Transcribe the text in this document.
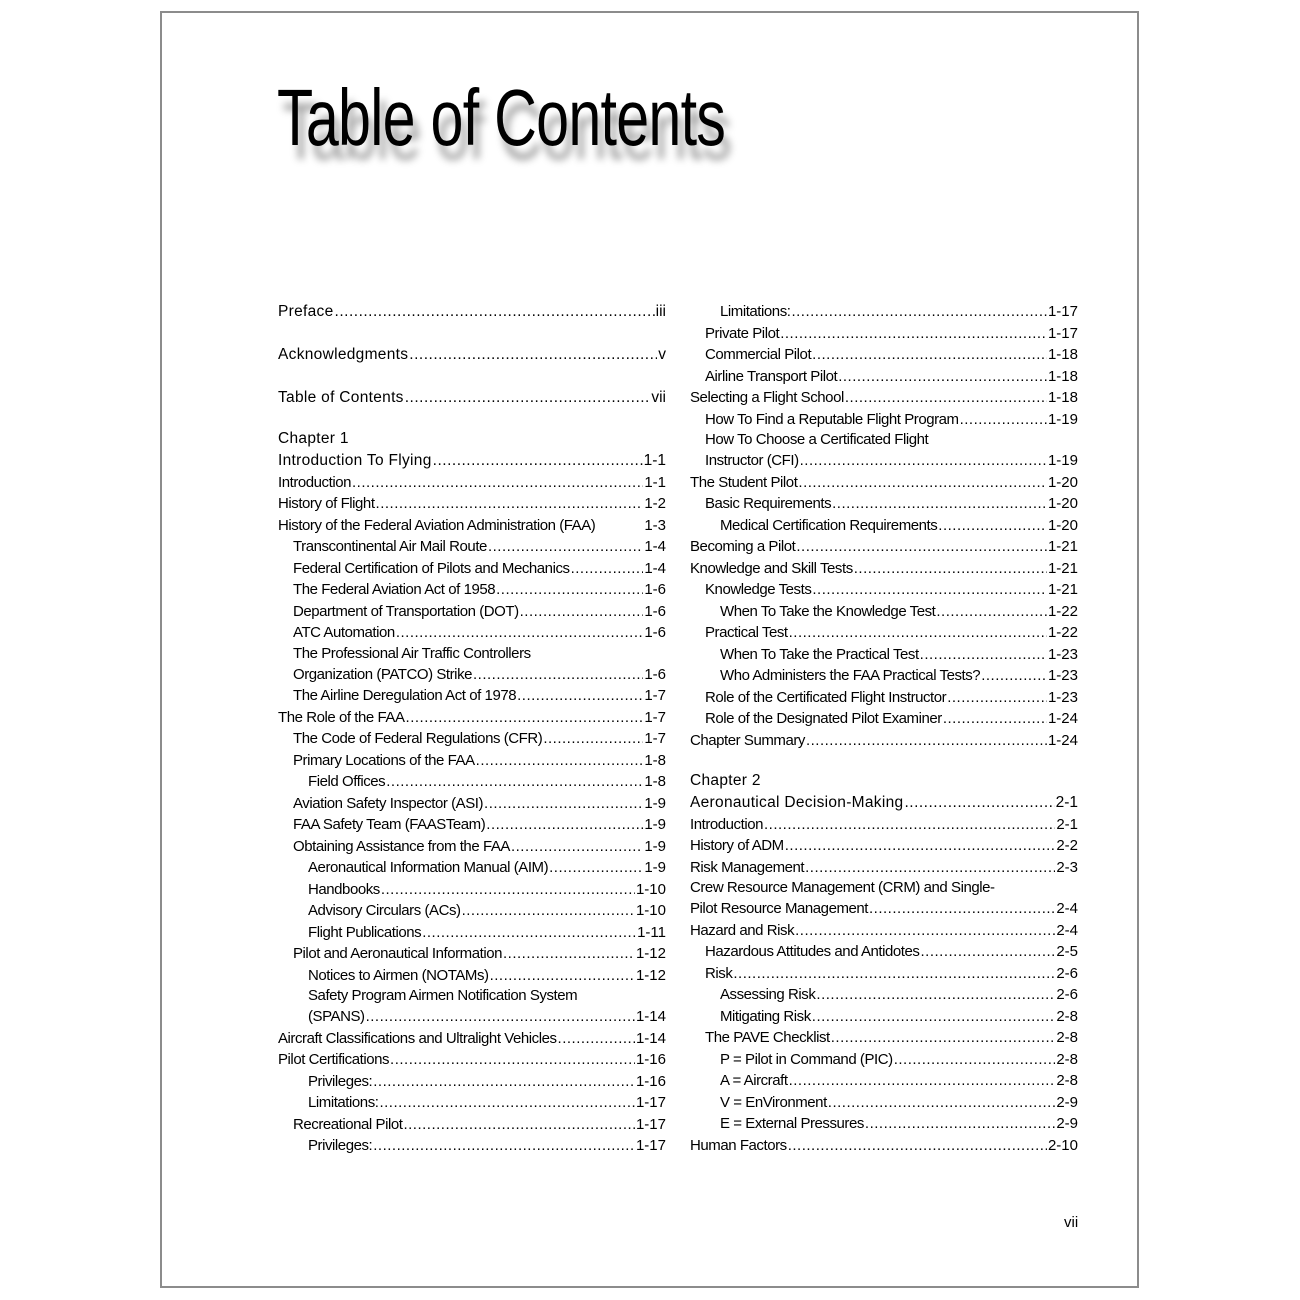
Table of Contents
Preface .....	iii
Acknowledgments .....	v
Table of Contents .....	vii
Chapter 1
Introduction To Flying .....	1-1
Introduction .....	1-1
History of Flight .....	1-2
History of the Federal Aviation Administration (FAA)	1-3
Transcontinental Air Mail Route .....	1-4
Federal Certification of Pilots and Mechanics .....	1-4
The Federal Aviation Act of 1958 .....	1-6
Department of Transportation (DOT) .....	1-6
ATC Automation .....	1-6
The Professional Air Traffic Controllers
Organization (PATCO) Strike .....	1-6
The Airline Deregulation Act of 1978 .....	1-7
The Role of the FAA .....	1-7
The Code of Federal Regulations (CFR) .....	1-7
Primary Locations of the FAA .....	1-8
Field Offices .....	1-8
Aviation Safety Inspector (ASI) .....	1-9
FAA Safety Team (FAASTeam) .....	1-9
Obtaining Assistance from the FAA .....	1-9
Aeronautical Information Manual (AIM) .....	1-9
Handbooks .....	1-10
Advisory Circulars (ACs) .....	1-10
Flight Publications .....	1-11
Pilot and Aeronautical Information .....	1-12
Notices to Airmen (NOTAMs) .....	1-12
Safety Program Airmen Notification System
(SPANS) .....	1-14
Aircraft Classifications and Ultralight Vehicles .....	1-14
Pilot Certifications .....	1-16
Privileges: .....	1-16
Limitations: .....	1-17
Recreational Pilot .....	1-17
Privileges: .....	1-17
Limitations: .....	1-17
Private Pilot .....	1-17
Commercial Pilot .....	1-18
Airline Transport Pilot .....	1-18
Selecting a Flight School .....	1-18
How To Find a Reputable Flight Program .....	1-19
How To Choose a Certificated Flight
Instructor (CFI) .....	1-19
The Student Pilot .....	1-20
Basic Requirements .....	1-20
Medical Certification Requirements .....	1-20
Becoming a Pilot .....	1-21
Knowledge and Skill Tests .....	1-21
Knowledge Tests .....	1-21
When To Take the Knowledge Test .....	1-22
Practical Test .....	1-22
When To Take the Practical Test .....	1-23
Who Administers the FAA Practical Tests? .....	1-23
Role of the Certificated Flight Instructor .....	1-23
Role of the Designated Pilot Examiner .....	1-24
Chapter Summary .....	1-24
Chapter 2
Aeronautical Decision-Making .....	2-1
Introduction .....	2-1
History of ADM .....	2-2
Risk Management .....	2-3
Crew Resource Management (CRM) and Single-
Pilot Resource Management .....	2-4
Hazard and Risk .....	2-4
Hazardous Attitudes and Antidotes .....	2-5
Risk .....	2-6
Assessing Risk .....	2-6
Mitigating Risk .....	2-8
The PAVE Checklist .....	2-8
P = Pilot in Command (PIC) .....	2-8
A = Aircraft .....	2-8
V = EnVironment .....	2-9
E = External Pressures .....	2-9
Human Factors .....	2-10
vii
